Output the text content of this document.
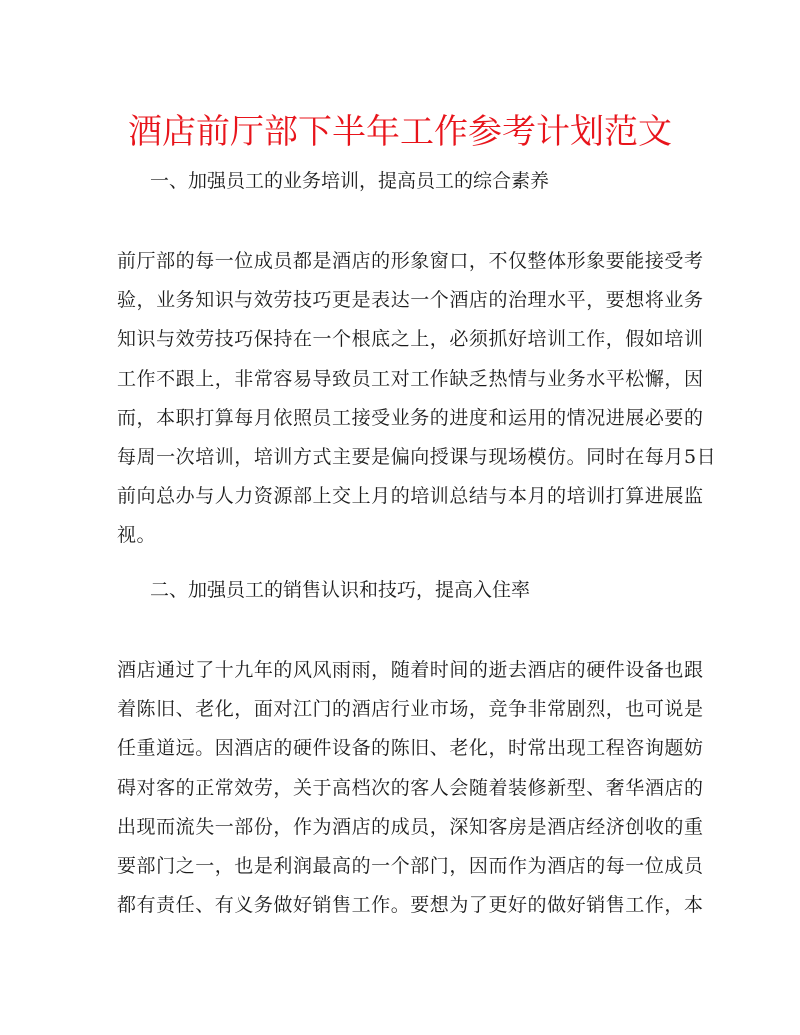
酒店前厅部下半年工作参考计划范文
一、加强员工的业务培训，提高员工的综合素养
前厅部的每一位成员都是酒店的形象窗口，不仅整体形象要能接受考
验，业务知识与效劳技巧更是表达一个酒店的治理水平，要想将业务
知识与效劳技巧保持在一个根底之上，必须抓好培训工作，假如培训
工作不跟上，非常容易导致员工对工作缺乏热情与业务水平松懈，因
而，本职打算每月依照员工接受业务的进度和运用的情况进展必要的
每周一次培训，培训方式主要是偏向授课与现场模仿。同时在每月5日
前向总办与人力资源部上交上月的培训总结与本月的培训打算进展监
视。
二、加强员工的销售认识和技巧，提高入住率
酒店通过了十九年的风风雨雨，随着时间的逝去酒店的硬件设备也跟
着陈旧、老化，面对江门的酒店行业市场，竞争非常剧烈，也可说是
任重道远。因酒店的硬件设备的陈旧、老化，时常出现工程咨询题妨
碍对客的正常效劳，关于高档次的客人会随着装修新型、奢华酒店的
出现而流失一部份，作为酒店的成员，深知客房是酒店经济创收的重
要部门之一，也是利润最高的一个部门，因而作为酒店的每一位成员
都有责任、有义务做好销售工作。要想为了更好的做好销售工作，本
